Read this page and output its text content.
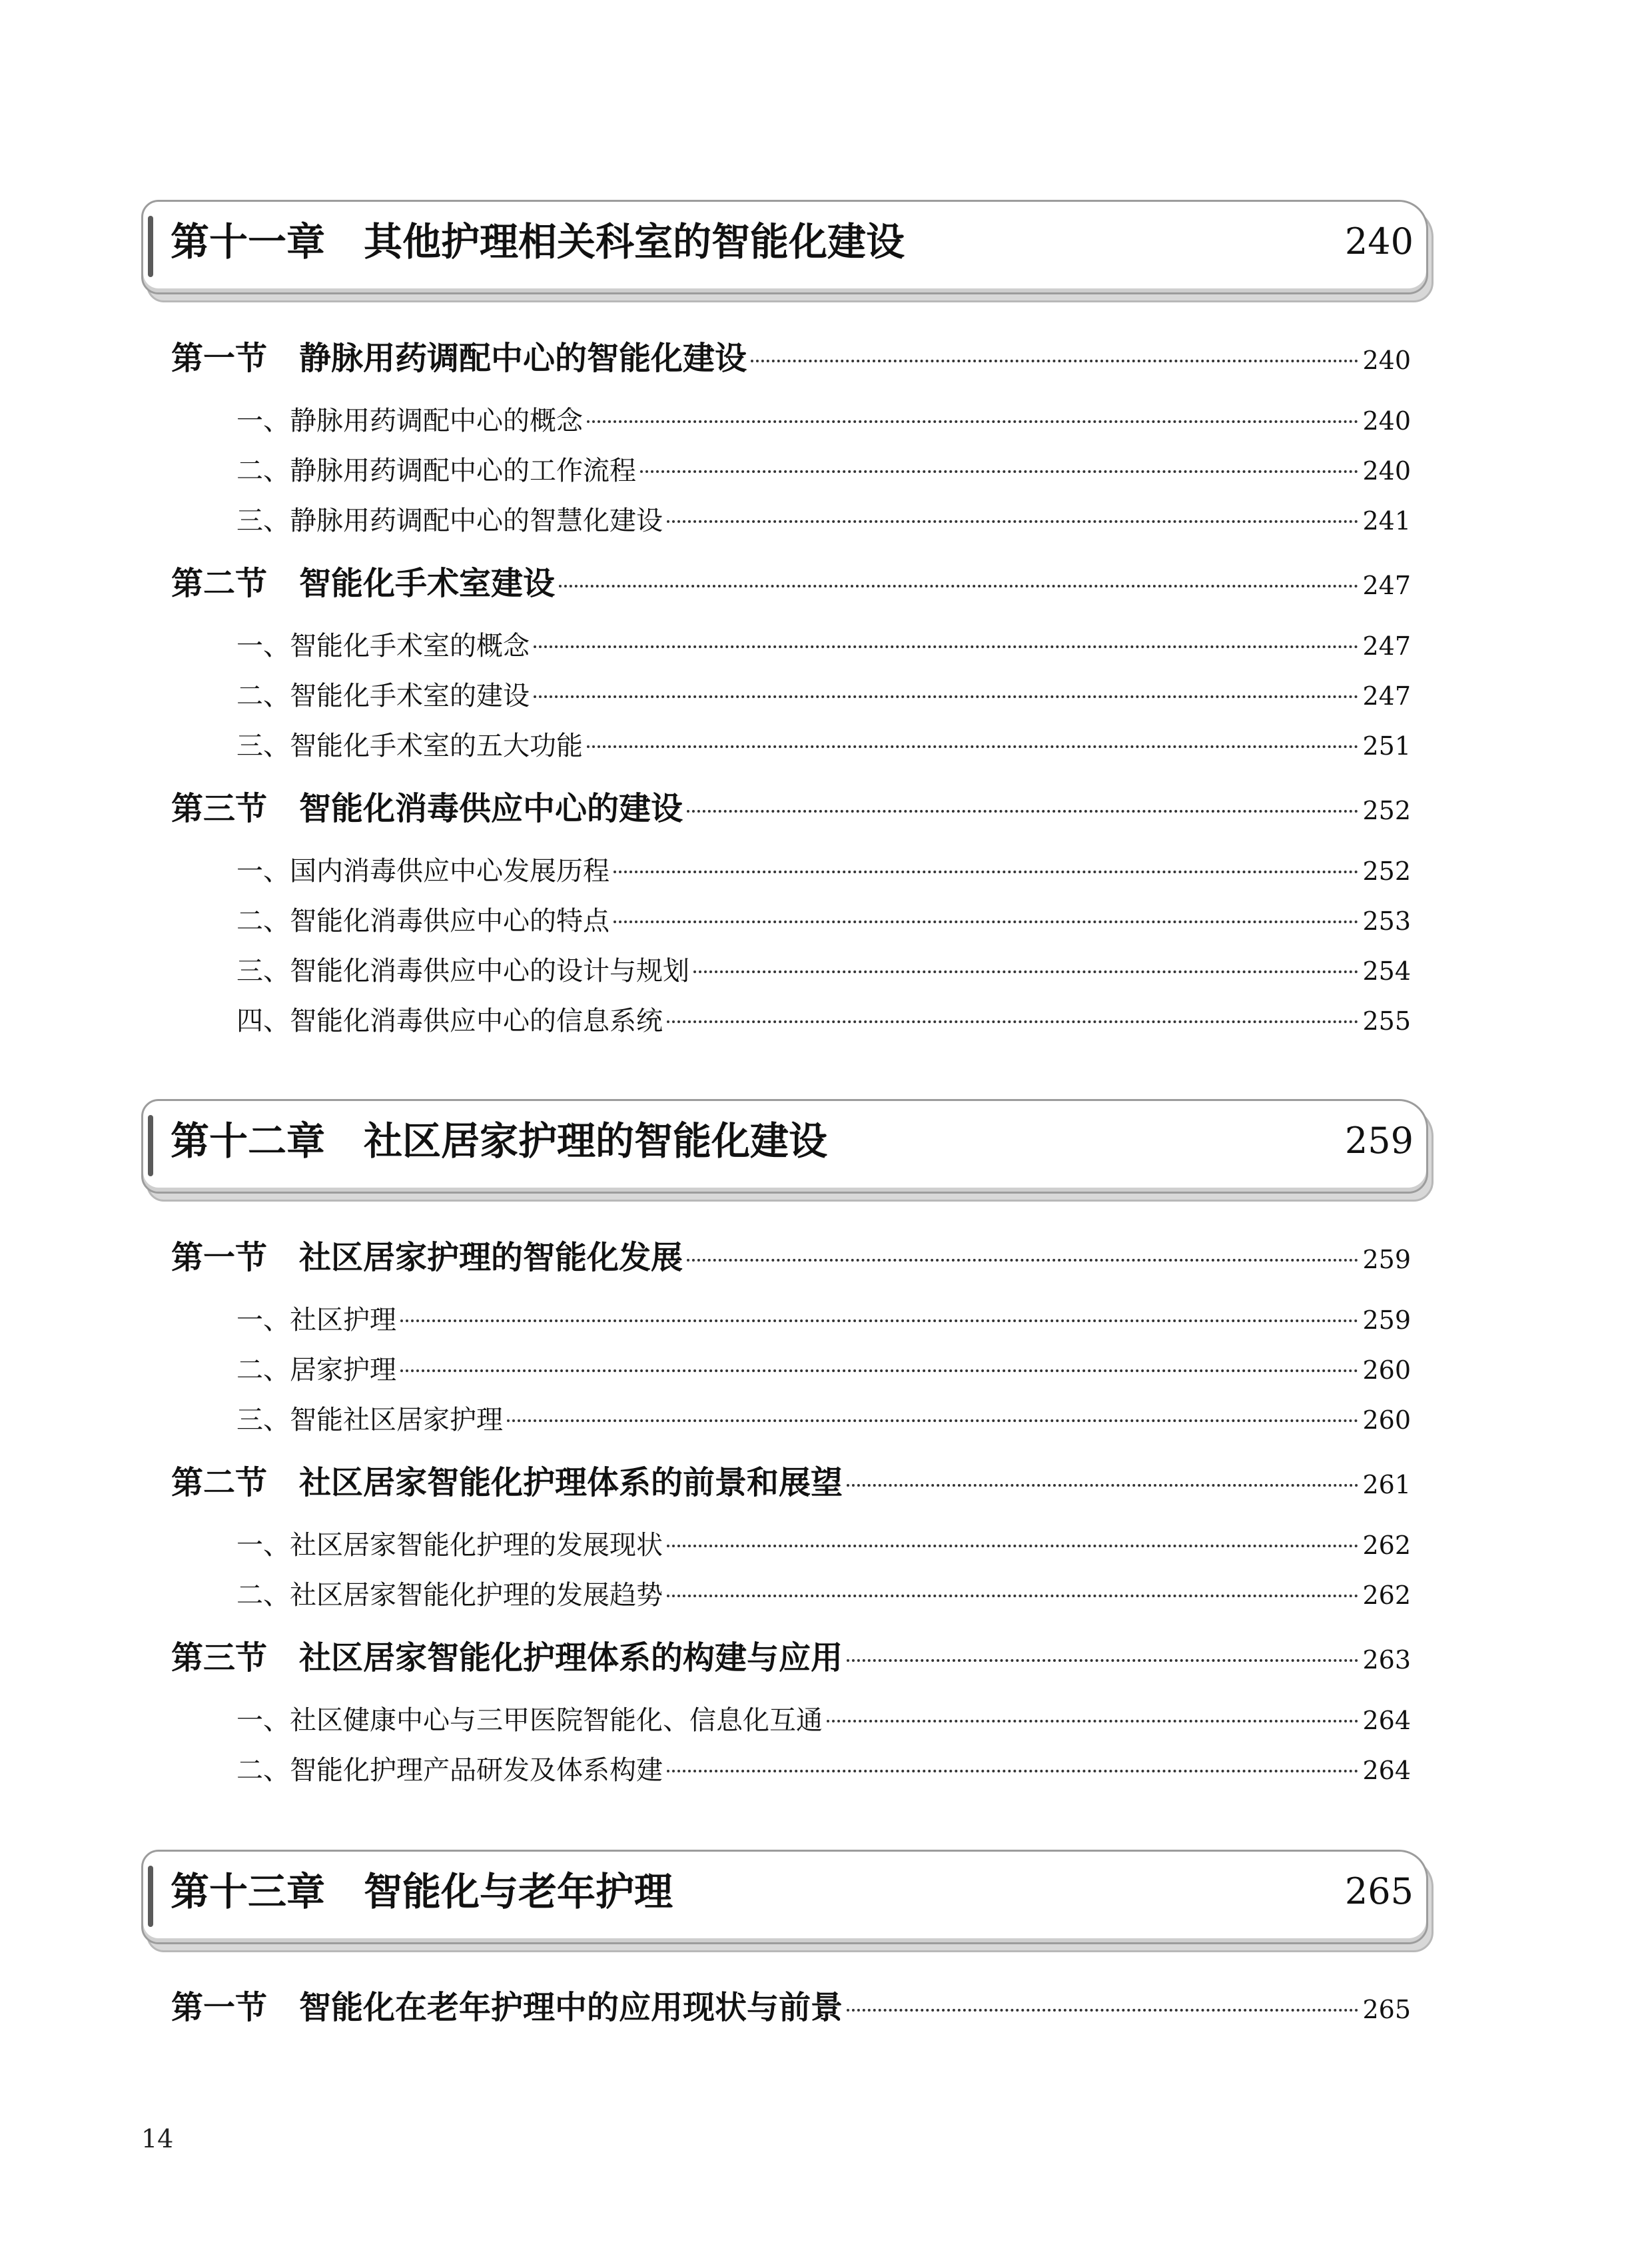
第十一章　其他护理相关科室的智能化建设	240
第一节　静脉用药调配中心的智能化建设	240
一、静脉用药调配中心的概念	240
二、静脉用药调配中心的工作流程	240
三、静脉用药调配中心的智慧化建设	241
第二节　智能化手术室建设	247
一、智能化手术室的概念	247
二、智能化手术室的建设	247
三、智能化手术室的五大功能	251
第三节　智能化消毒供应中心的建设	252
一、国内消毒供应中心发展历程	252
二、智能化消毒供应中心的特点	253
三、智能化消毒供应中心的设计与规划	254
四、智能化消毒供应中心的信息系统	255
第十二章　社区居家护理的智能化建设	259
第一节　社区居家护理的智能化发展	259
一、社区护理	259
二、居家护理	260
三、智能社区居家护理	260
第二节　社区居家智能化护理体系的前景和展望	261
一、社区居家智能化护理的发展现状	262
二、社区居家智能化护理的发展趋势	262
第三节　社区居家智能化护理体系的构建与应用	263
一、社区健康中心与三甲医院智能化、信息化互通	264
二、智能化护理产品研发及体系构建	264
第十三章　智能化与老年护理	265
第一节　智能化在老年护理中的应用现状与前景	265
14
